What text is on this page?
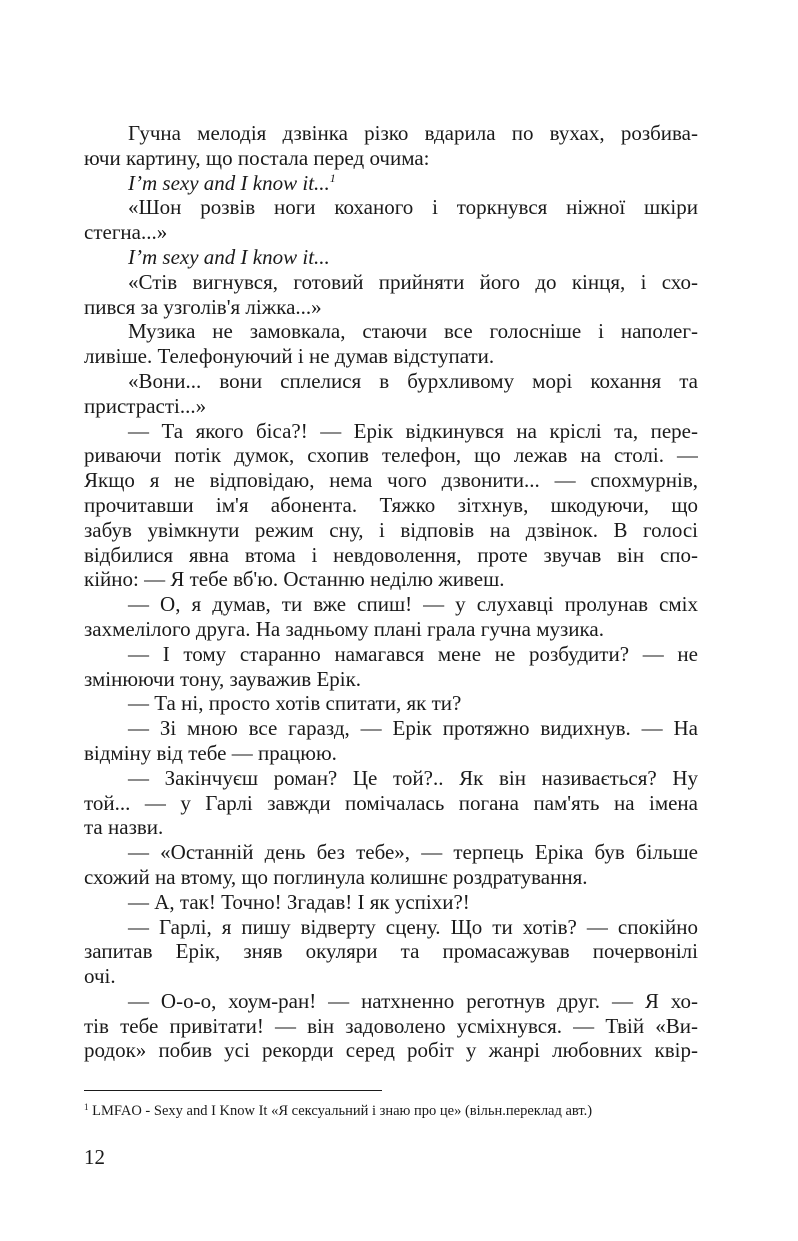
Гучна мелодія дзвінка різко вдарила по вухах, розбива-
ючи картину, що постала перед очима:
I’m sexy and I know it...$^1$
«Шон розвів ноги коханого і торкнувся ніжної шкіри
стегна...»
I’m sexy and I know it...
«Стів вигнувся, готовий прийняти його до кінця, і схо-
пився за узголів'я ліжка...»
Музика не замовкала, стаючи все голосніше і наполег-
ливіше. Телефонуючий і не думав відступати.
«Вони... вони сплелися в бурхливому морі кохання та
пристрасті...»
— Та якого біса?! — Ерік відкинувся на кріслі та, пере-
риваючи потік думок, схопив телефон, що лежав на столі. —
Якщо я не відповідаю, нема чого дзвонити... — спохмурнів,
прочитавши ім'я абонента. Тяжко зітхнув, шкодуючи, що
забув увімкнути режим сну, і відповів на дзвінок. В голосі
відбилися явна втома і невдоволення, проте звучав він спо-
кійно: — Я тебе вб'ю. Останню неділю живеш.
— О, я думав, ти вже спиш! — у слухавці пролунав сміх
захмелілого друга. На задньому плані грала гучна музика.
— І тому старанно намагався мене не розбудити? — не
змінюючи тону, зауважив Ерік.
— Та ні, просто хотів спитати, як ти?
— Зі мною все гаразд, — Ерік протяжно видихнув. — На
відміну від тебе — працюю.
— Закінчуєш роман? Це той?.. Як він називається? Ну
той... — у Гарлі завжди помічалась погана пам'ять на імена
та назви.
— «Останній день без тебе», — терпець Еріка був більше
схожий на втому, що поглинула колишнє роздратування.
— А, так! Точно! Згадав! І як успіхи?!
— Гарлі, я пишу відверту сцену. Що ти хотів? — спокійно
запитав Ерік, зняв окуляри та промасажував почервонілі
очі.
— О-о-о, хоум-ран! — натхненно реготнув друг. — Я хо-
тів тебе привітати! — він задоволено усміхнувся. — Твій «Ви-
родок» побив усі рекорди серед робіт у жанрі любовних квір-
$^1$ LMFAO - Sexy and I Know It «Я сексуальний і знаю про це» (вільн.переклад авт.)
12
